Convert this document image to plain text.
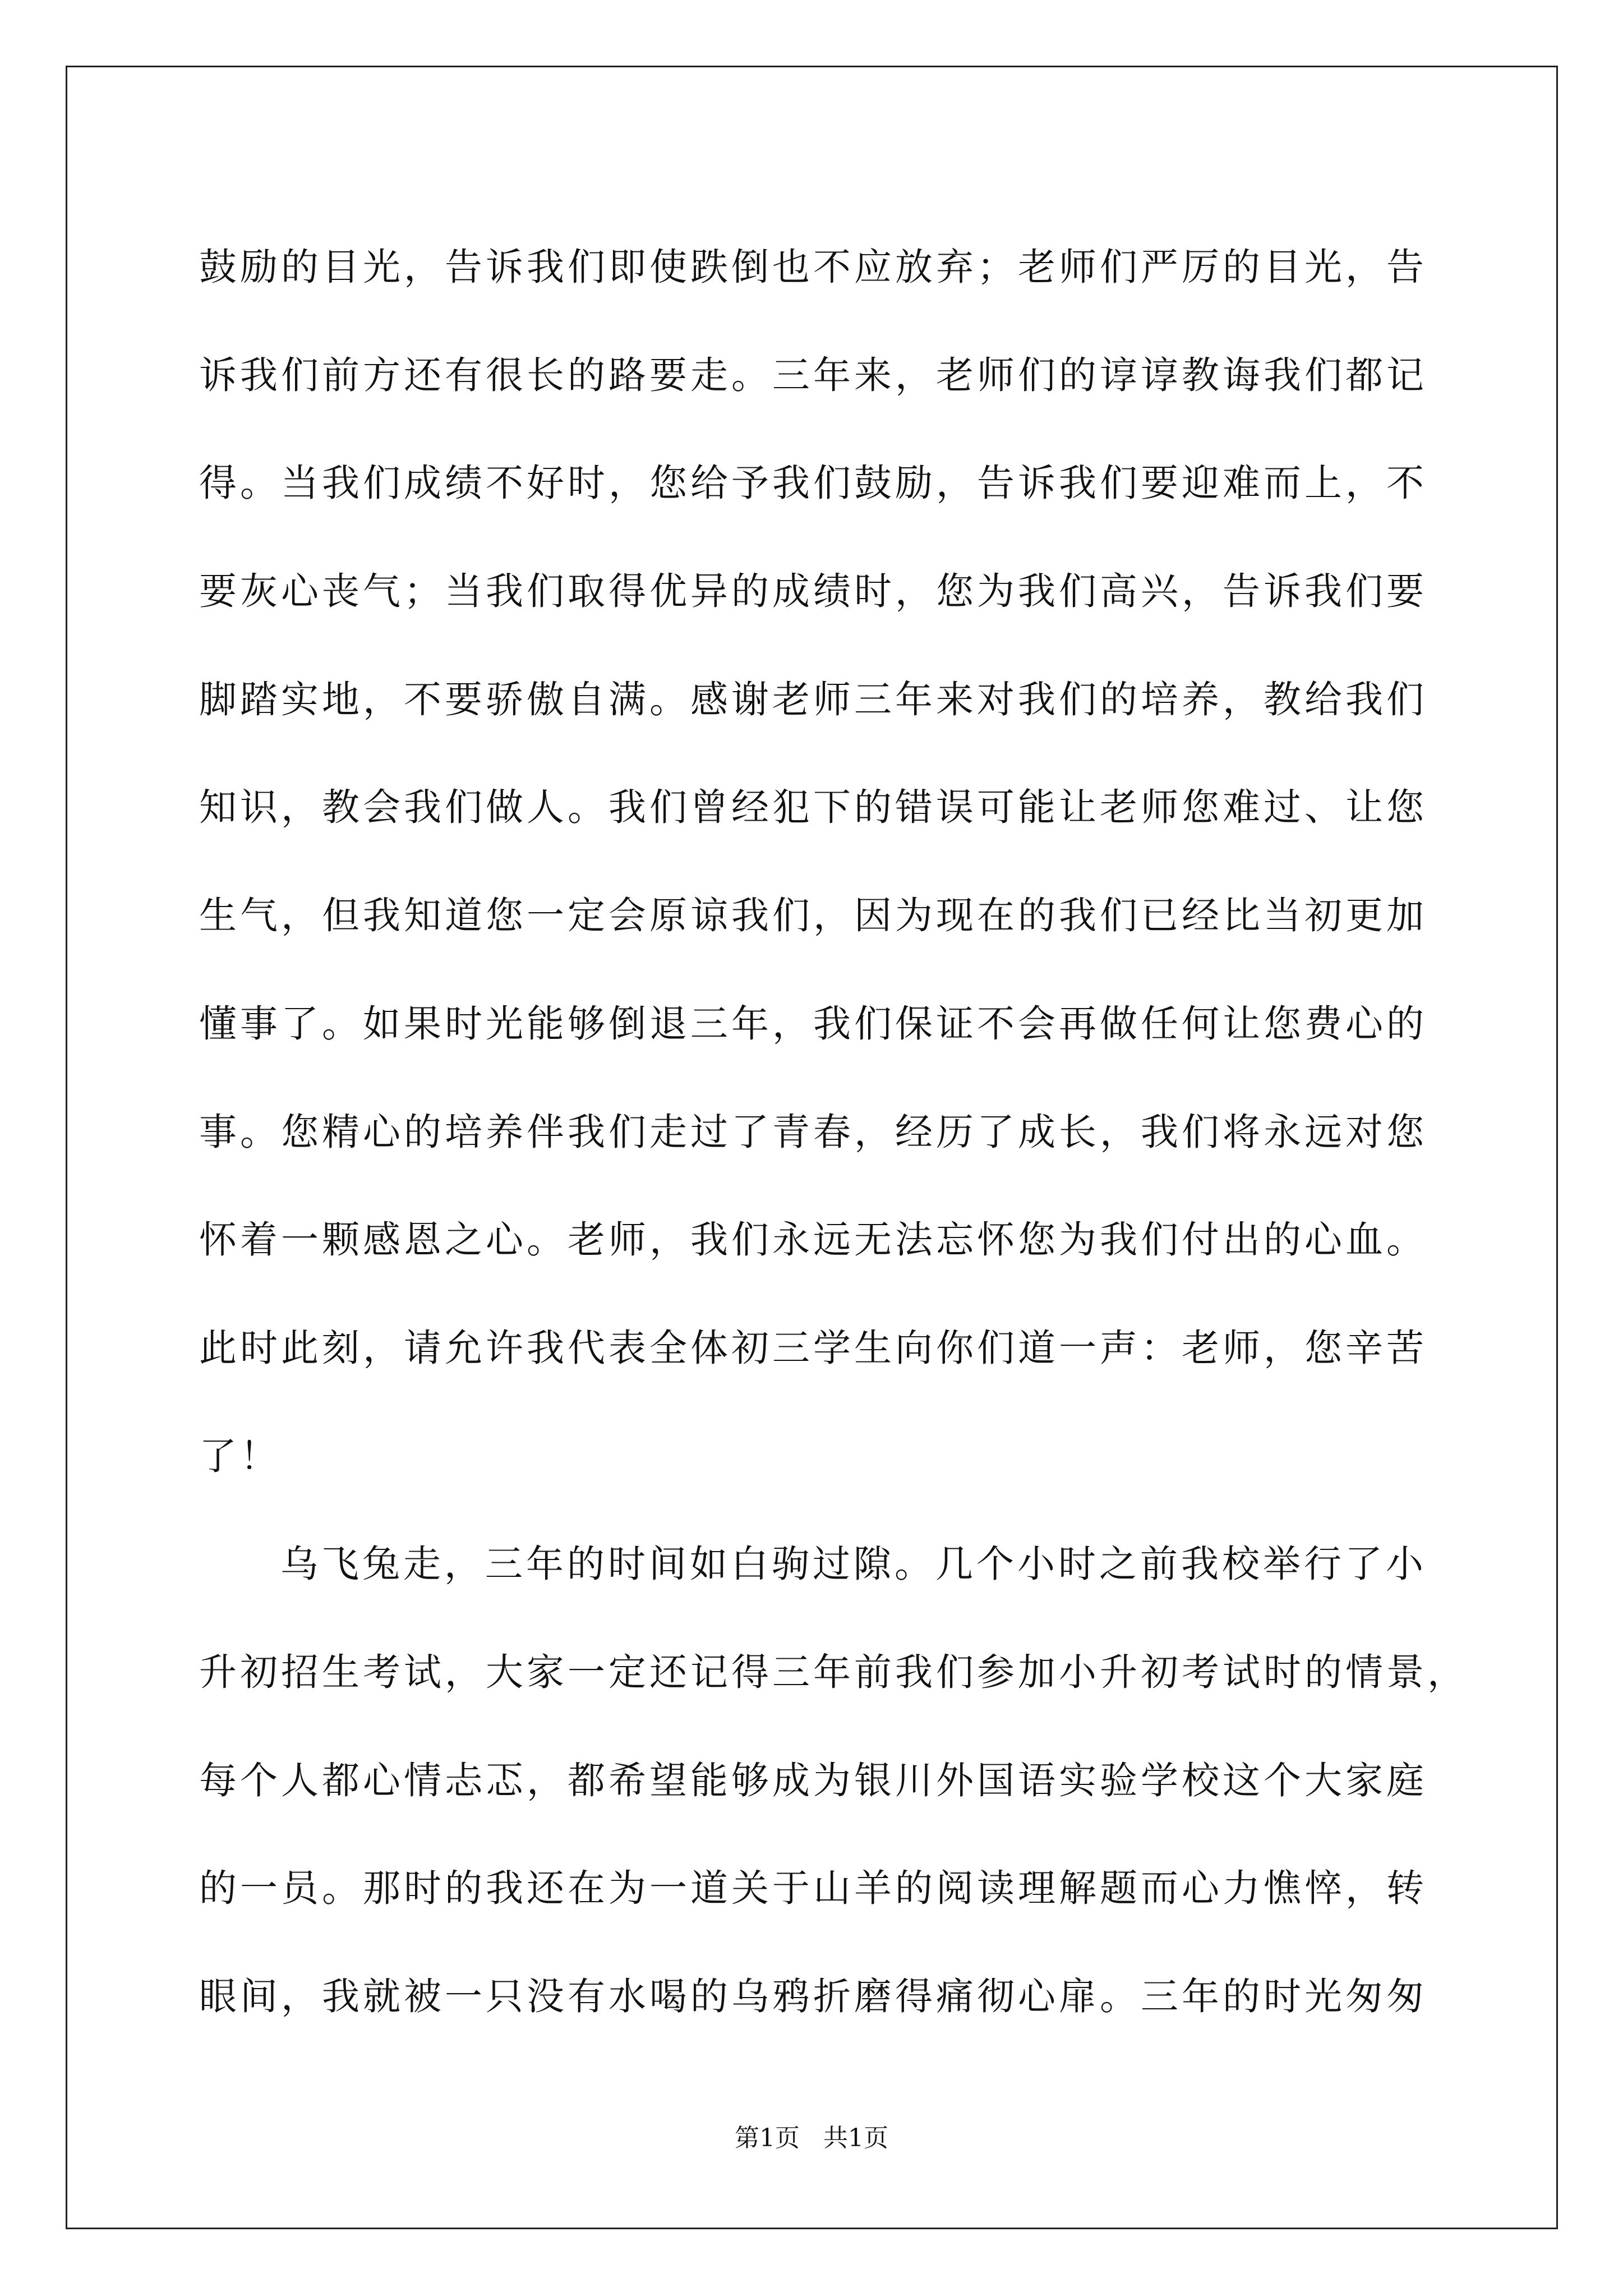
鼓励的目光，告诉我们即使跌倒也不应放弃；老师们严厉的目光，告
诉我们前方还有很长的路要走。三年来，老师们的谆谆教诲我们都记
得。当我们成绩不好时，您给予我们鼓励，告诉我们要迎难而上，不
要灰心丧气；当我们取得优异的成绩时，您为我们高兴，告诉我们要
脚踏实地，不要骄傲自满。感谢老师三年来对我们的培养，教给我们
知识，教会我们做人。我们曾经犯下的错误可能让老师您难过、让您
生气，但我知道您一定会原谅我们，因为现在的我们已经比当初更加
懂事了。如果时光能够倒退三年，我们保证不会再做任何让您费心的
事。您精心的培养伴我们走过了青春，经历了成长，我们将永远对您
怀着一颗感恩之心。老师，我们永远无法忘怀您为我们付出的心血。
此时此刻，请允许我代表全体初三学生向你们道一声：老师，您辛苦
了！
乌飞兔走，三年的时间如白驹过隙。几个小时之前我校举行了小
升初招生考试，大家一定还记得三年前我们参加小升初考试时的情景，
每个人都心情忐忑，都希望能够成为银川外国语实验学校这个大家庭
的一员。那时的我还在为一道关于山羊的阅读理解题而心力憔悴，转
眼间，我就被一只没有水喝的乌鸦折磨得痛彻心扉。三年的时光匆匆
第1页   共1页
